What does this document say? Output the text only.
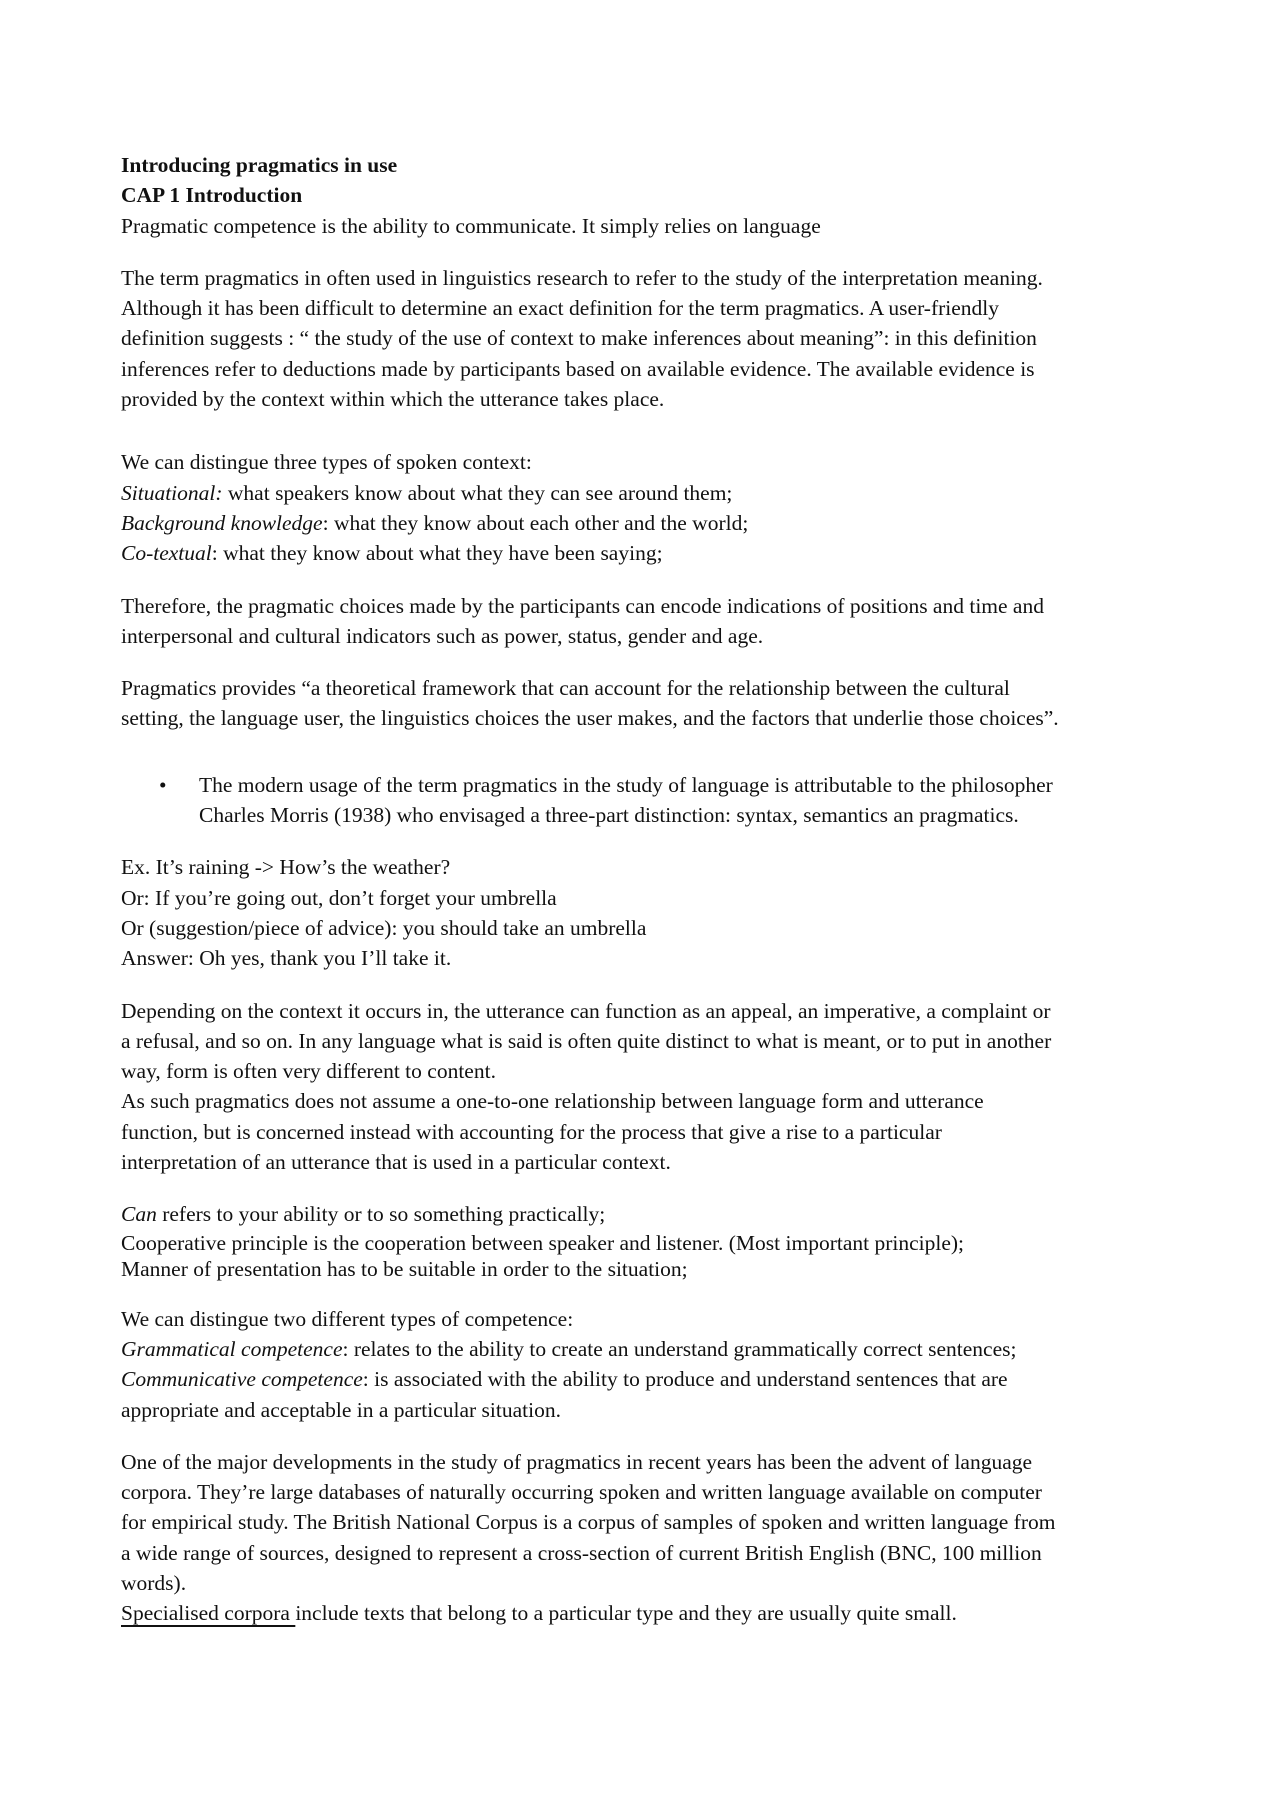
Introducing pragmatics in use
CAP 1 Introduction
Pragmatic competence is the ability to communicate. It simply relies on language
The term pragmatics in often used in linguistics research to refer to the study of the interpretation meaning.
Although it has been difficult to determine an exact definition for the term pragmatics. A user-friendly
definition suggests : “ the study of the use of context to make inferences about meaning”: in this definition
inferences refer to deductions made by participants based on available evidence. The available evidence is
provided by the context within which the utterance takes place.
We can distingue three types of spoken context:
Situational: what speakers know about what they can see around them;
Background knowledge: what they know about each other and the world;
Co-textual: what they know about what they have been saying;
Therefore, the pragmatic choices made by the participants can encode indications of positions and time and
interpersonal and cultural indicators such as power, status, gender and age.
Pragmatics provides “a theoretical framework that can account for the relationship between the cultural
setting, the language user, the linguistics choices the user makes, and the factors that underlie those choices”.
• The modern usage of the term pragmatics in the study of language is attributable to the philosopher
Charles Morris (1938) who envisaged a three-part distinction: syntax, semantics an pragmatics.
Ex. It’s raining -> How’s the weather?
Or: If you’re going out, don’t forget your umbrella
Or (suggestion/piece of advice): you should take an umbrella
Answer: Oh yes, thank you I’ll take it.
Depending on the context it occurs in, the utterance can function as an appeal, an imperative, a complaint or
a refusal, and so on. In any language what is said is often quite distinct to what is meant, or to put in another
way, form is often very different to content.
As such pragmatics does not assume a one-to-one relationship between language form and utterance
function, but is concerned instead with accounting for the process that give a rise to a particular
interpretation of an utterance that is used in a particular context.
Can refers to your ability or to so something practically;
Cooperative principle is the cooperation between speaker and listener. (Most important principle);
Manner of presentation has to be suitable in order to the situation;
We can distingue two different types of competence:
Grammatical competence: relates to the ability to create an understand grammatically correct sentences;
Communicative competence: is associated with the ability to produce and understand sentences that are
appropriate and acceptable in a particular situation.
One of the major developments in the study of pragmatics in recent years has been the advent of language
corpora. They’re large databases of naturally occurring spoken and written language available on computer
for empirical study. The British National Corpus is a corpus of samples of spoken and written language from
a wide range of sources, designed to represent a cross-section of current British English (BNC, 100 million
words).
Specialised corpora include texts that belong to a particular type and they are usually quite small.
